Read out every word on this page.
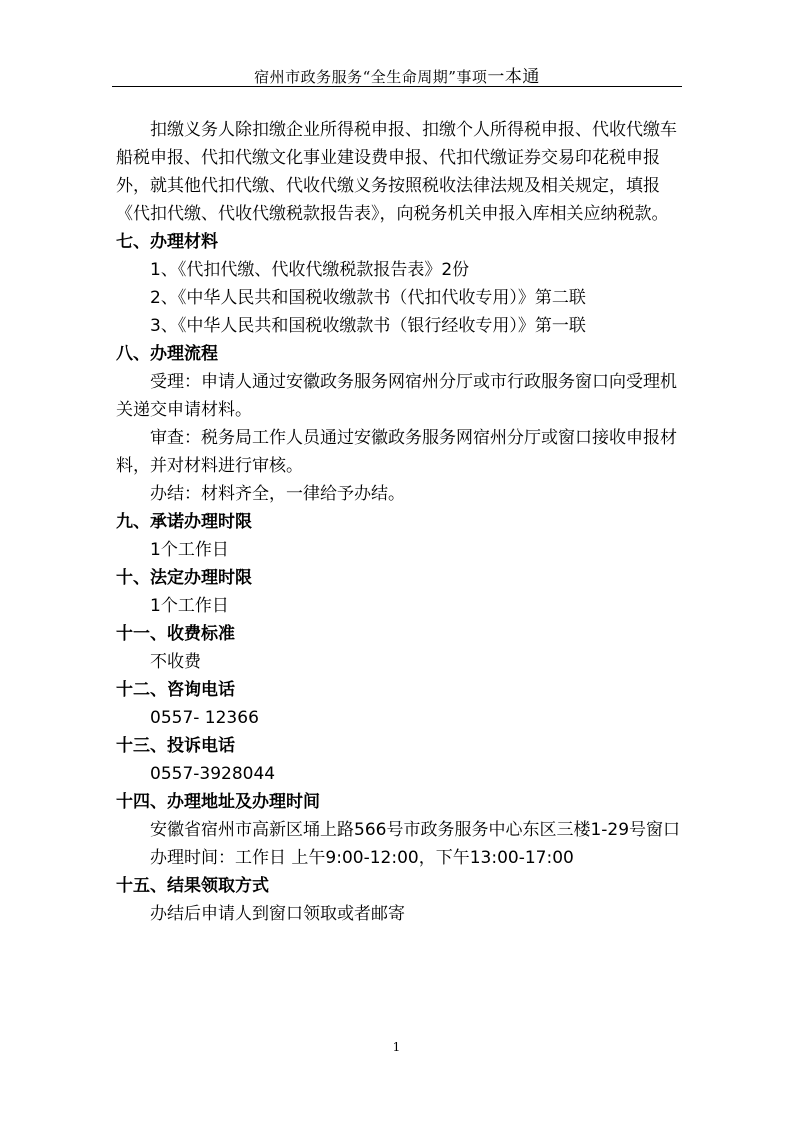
宿州市政务服务“全生命周期”事项一本通

扣缴义务人除扣缴企业所得税申报、扣缴个人所得税申报、代收代缴车船税申报、代扣代缴文化事业建设费申报、代扣代缴证券交易印花税申报外，就其他代扣代缴、代收代缴义务按照税收法律法规及相关规定，填报《代扣代缴、代收代缴税款报告表》，向税务机关申报入库相关应纳税款。

七、办理材料

1、《代扣代缴、代收代缴税款报告表》2份

2、《中华人民共和国税收缴款书（代扣代收专用）》第二联

3、《中华人民共和国税收缴款书（银行经收专用）》第一联

八、办理流程

受理：申请人通过安徽政务服务网宿州分厅或市行政服务窗口向受理机关递交申请材料。

审查：税务局工作人员通过安徽政务服务网宿州分厅或窗口接收申报材料，并对材料进行审核。

办结：材料齐全，一律给予办结。

九、承诺办理时限

1个工作日

十、法定办理时限

1个工作日

十一、收费标准

不收费

十二、咨询电话

0557- 12366

十三、投诉电话

0557-3928044

十四、办理地址及办理时间

安徽省宿州市高新区埇上路566号市政务服务中心东区三楼1-29号窗口

办理时间：工作日 上午9:00-12:00，下午13:00-17:00

十五、结果领取方式

办结后申请人到窗口领取或者邮寄

1
